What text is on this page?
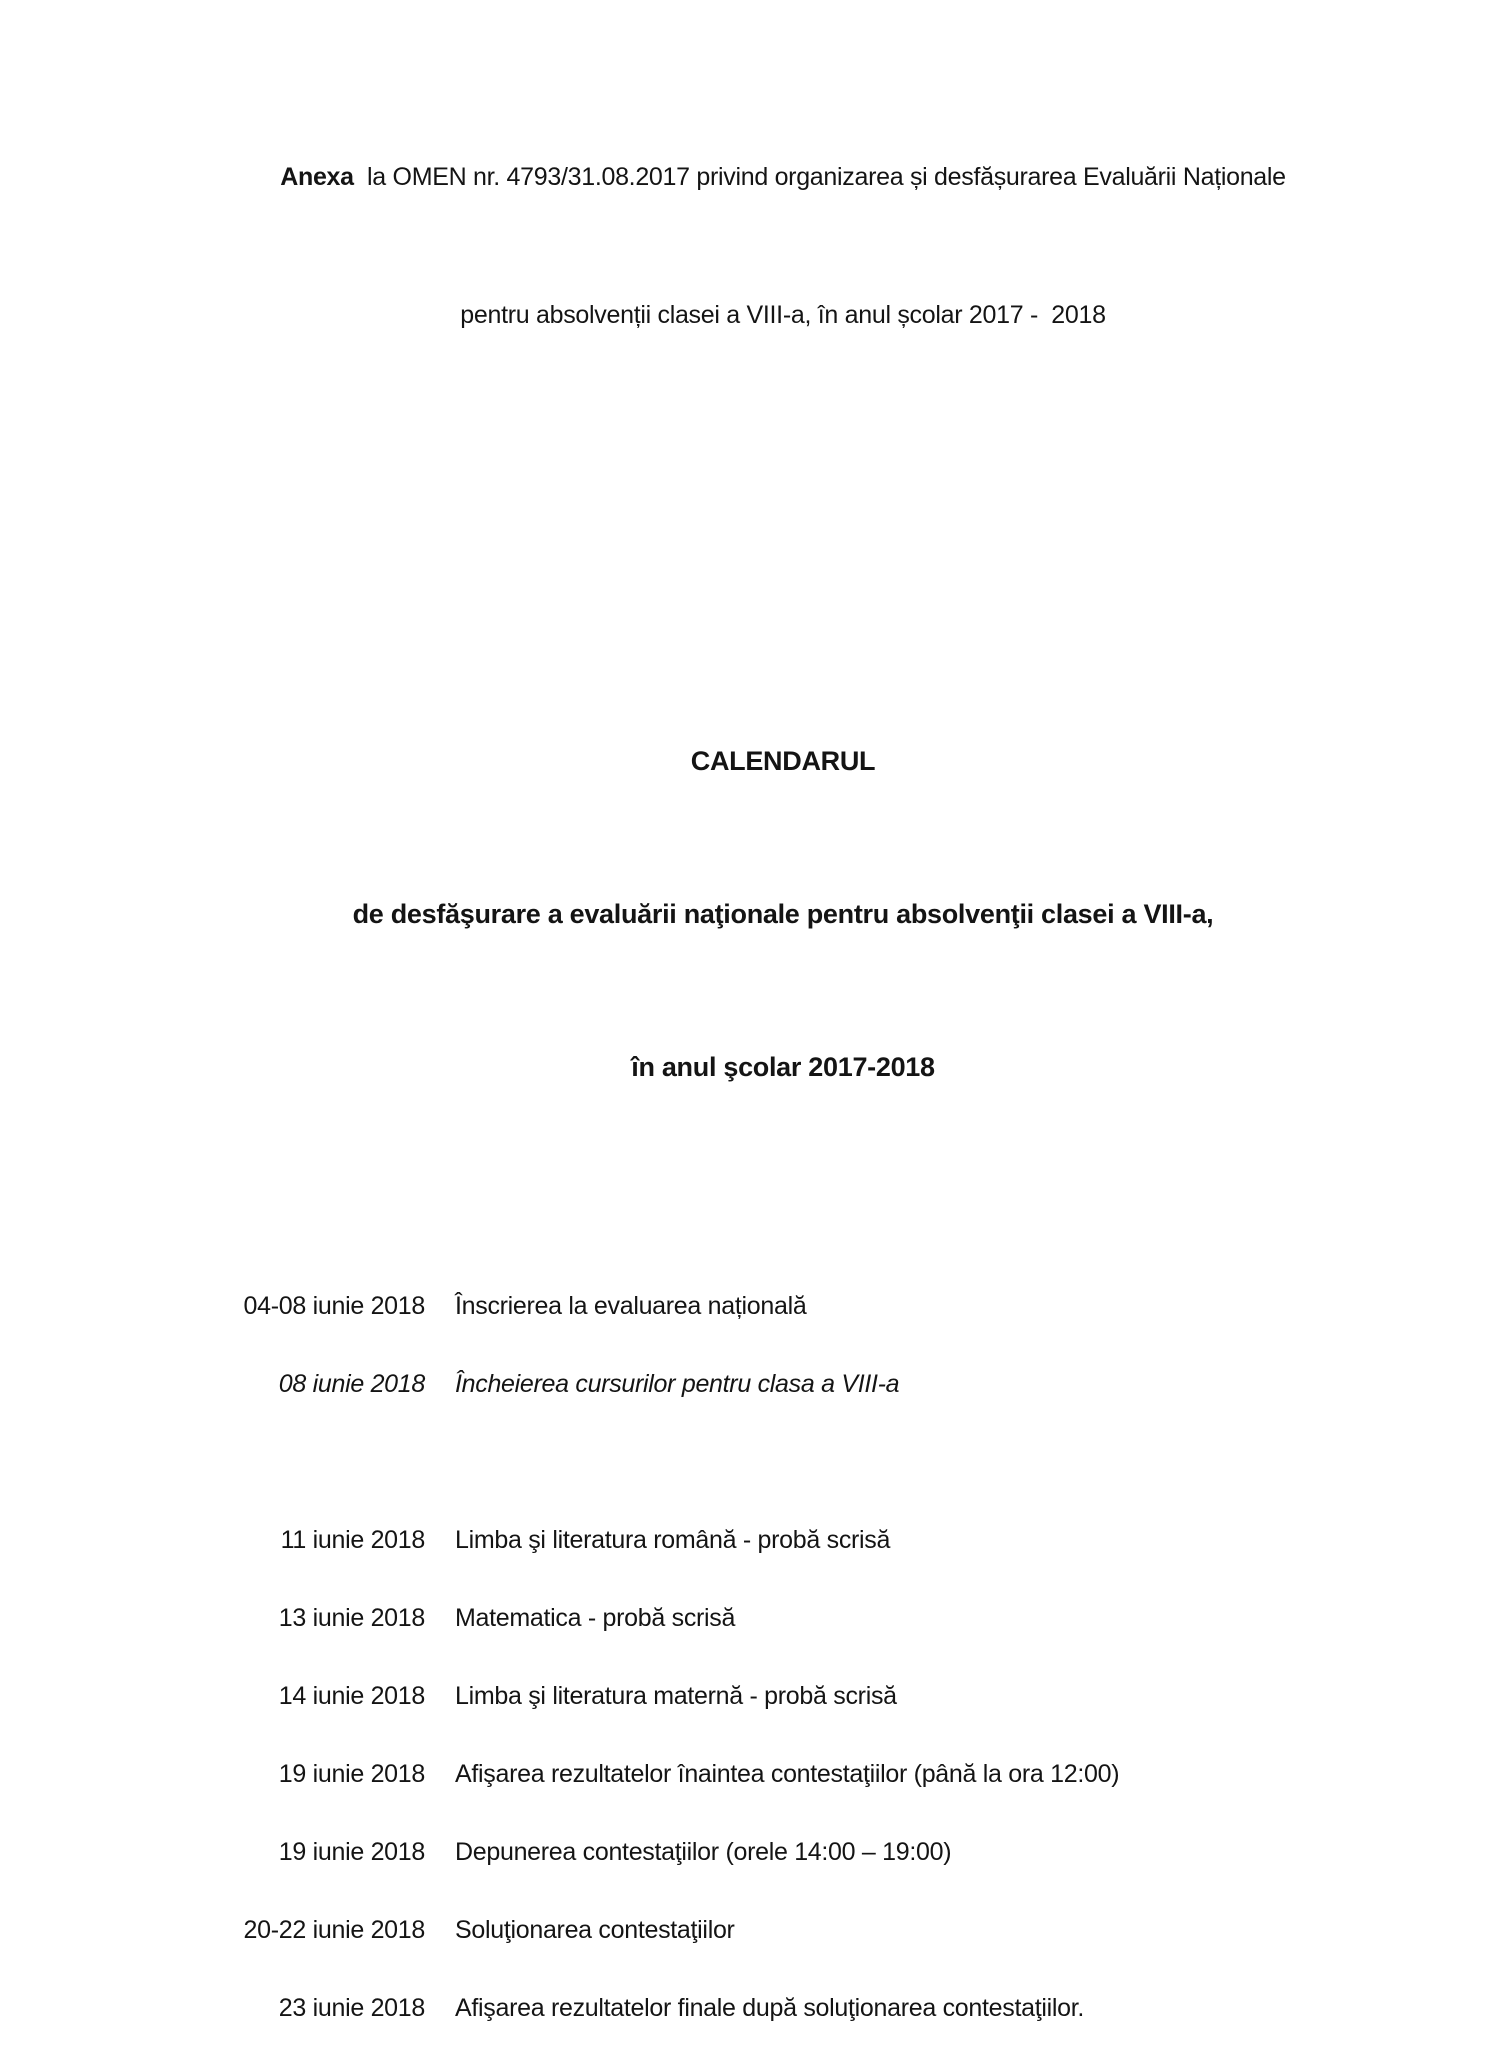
Anexa  la OMEN nr. 4793/31.08.2017 privind organizarea și desfășurarea Evaluării Naționale

pentru absolvenții clasei a VIII-a, în anul școlar 2017 -  2018

CALENDARUL

de desfăşurare a evaluării naţionale pentru absolvenţii clasei a VIII-a,

în anul şcolar 2017-2018

04-08 iunie 2018 Înscrierea la evaluarea națională
08 iunie 2018 Încheierea cursurilor pentru clasa a VIII-a
11 iunie 2018 Limba şi literatura română - probă scrisă
13 iunie 2018 Matematica - probă scrisă
14 iunie 2018 Limba şi literatura maternă - probă scrisă
19 iunie 2018 Afişarea rezultatelor înaintea contestaţiilor (până la ora 12:00)
19 iunie 2018 Depunerea contestaţiilor (orele 14:00 – 19:00)
20-22 iunie 2018 Soluţionarea contestaţiilor
23 iunie 2018 Afişarea rezultatelor finale după soluţionarea contestaţiilor.
